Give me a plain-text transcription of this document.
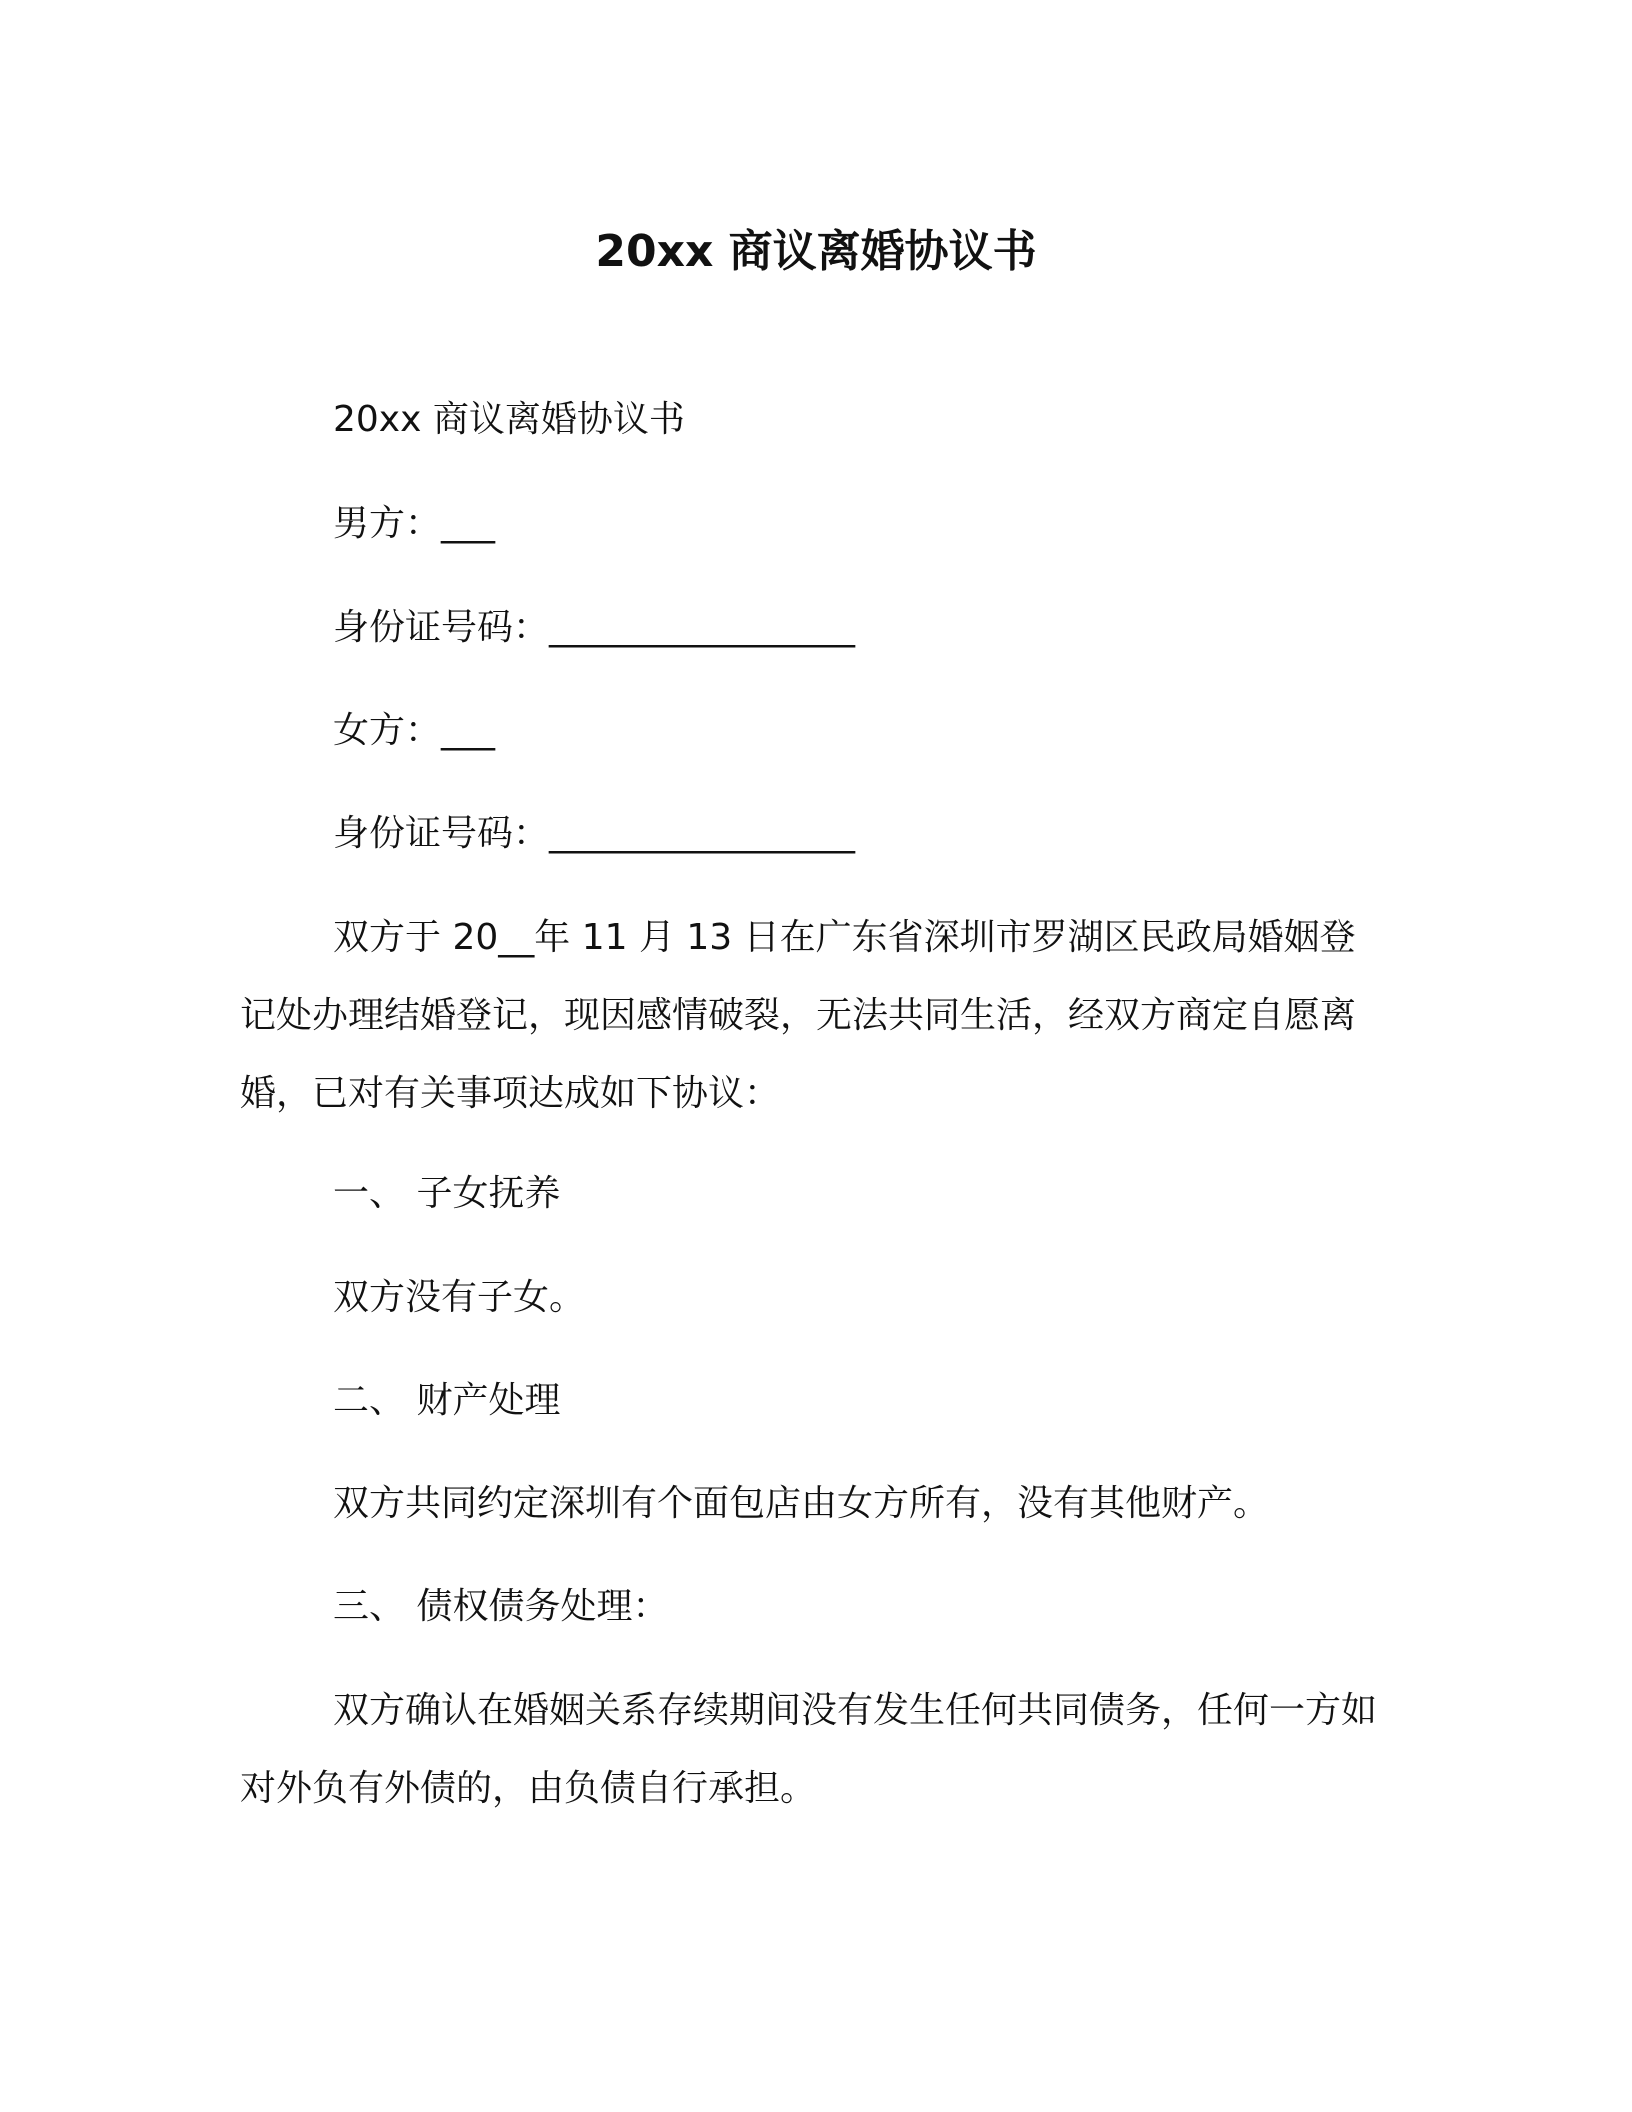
20xx 商议离婚协议书
20xx 商议离婚协议书
男方：___
身份证号码：_________________
女方：___
身份证号码：_________________
双方于 20__年 11 月 13 日在广东省深圳市罗湖区民政局婚姻登记处办理结婚登记，现因感情破裂，无法共同生活，经双方商定自愿离婚，已对有关事项达成如下协议：
一、 子女抚养
双方没有子女。
二、 财产处理
双方共同约定深圳有个面包店由女方所有，没有其他财产。
三、 债权债务处理：
双方确认在婚姻关系存续期间没有发生任何共同债务，任何一方如 对外负有外债的，由负债自行承担。
